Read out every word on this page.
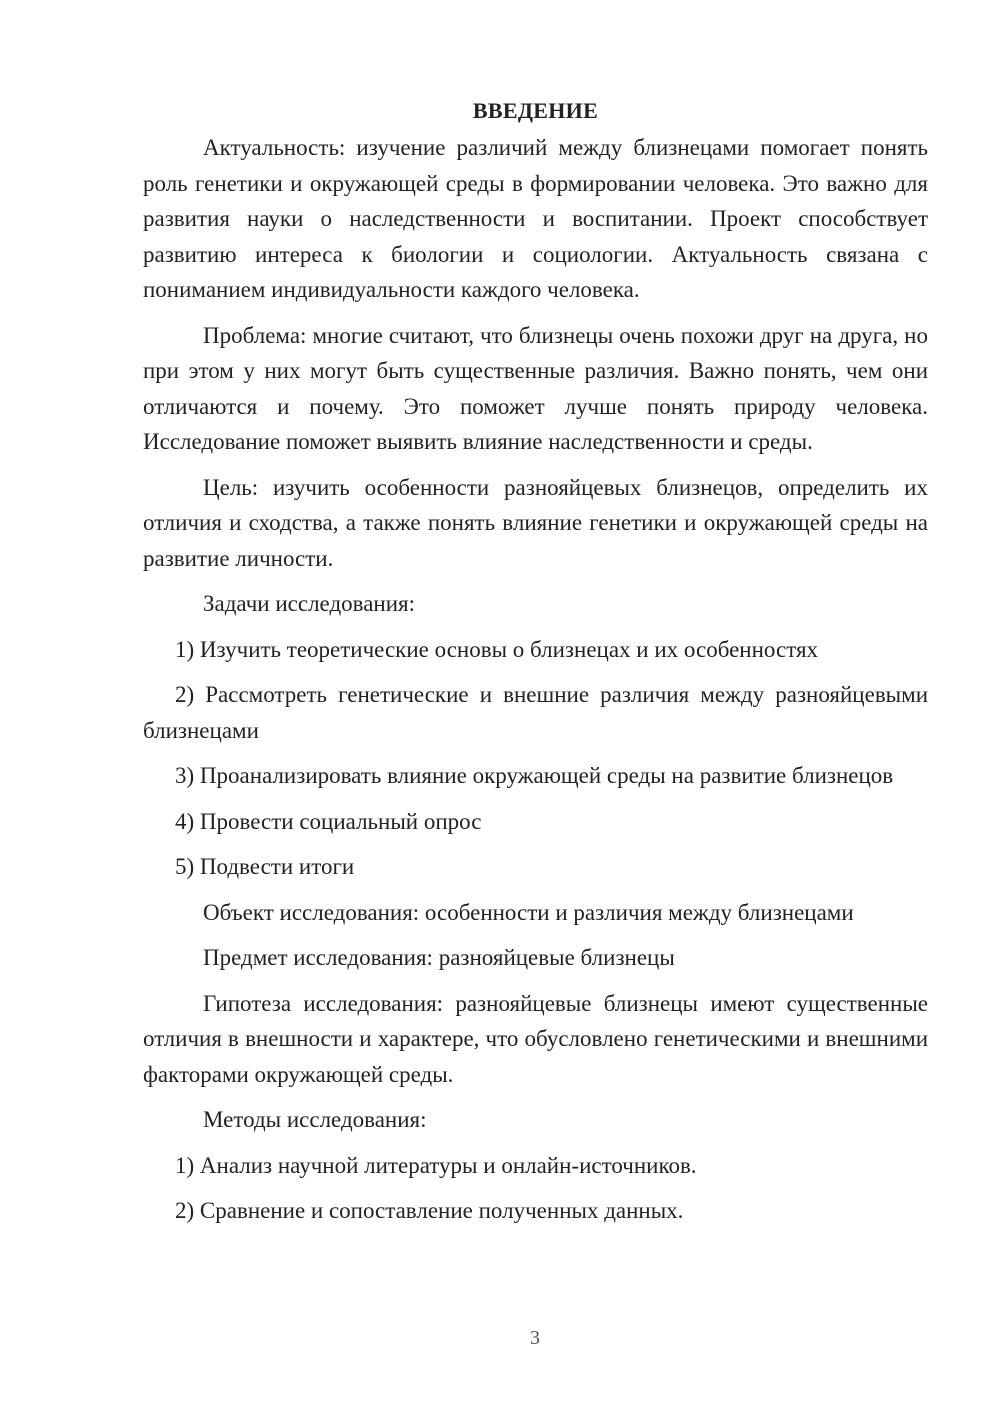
ВВЕДЕНИЕ

Актуальность: изучение различий между близнецами помогает понять роль генетики и окружающей среды в формировании человека. Это важно для развития науки о наследственности и воспитании. Проект способствует развитию интереса к биологии и социологии. Актуальность связана с пониманием индивидуальности каждого человека.

Проблема: многие считают, что близнецы очень похожи друг на друга, но при этом у них могут быть существенные различия. Важно понять, чем они отличаются и почему. Это поможет лучше понять природу человека. Исследование поможет выявить влияние наследственности и среды.

Цель: изучить особенности разнояйцевых близнецов, определить их отличия и сходства, а также понять влияние генетики и окружающей среды на развитие личности.

Задачи исследования:

1) Изучить теоретические основы о близнецах и их особенностях

2) Рассмотреть генетические и внешние различия между разнояйцевыми близнецами

3) Проанализировать влияние окружающей среды на развитие близнецов

4) Провести социальный опрос

5) Подвести итоги

Объект исследования: особенности и различия между близнецами

Предмет исследования: разнояйцевые близнецы

Гипотеза исследования: разнояйцевые близнецы имеют существенные отличия в внешности и характере, что обусловлено генетическими и внешними факторами окружающей среды.

Методы исследования:

1) Анализ научной литературы и онлайн-источников.

2) Сравнение и сопоставление полученных данных.

3
